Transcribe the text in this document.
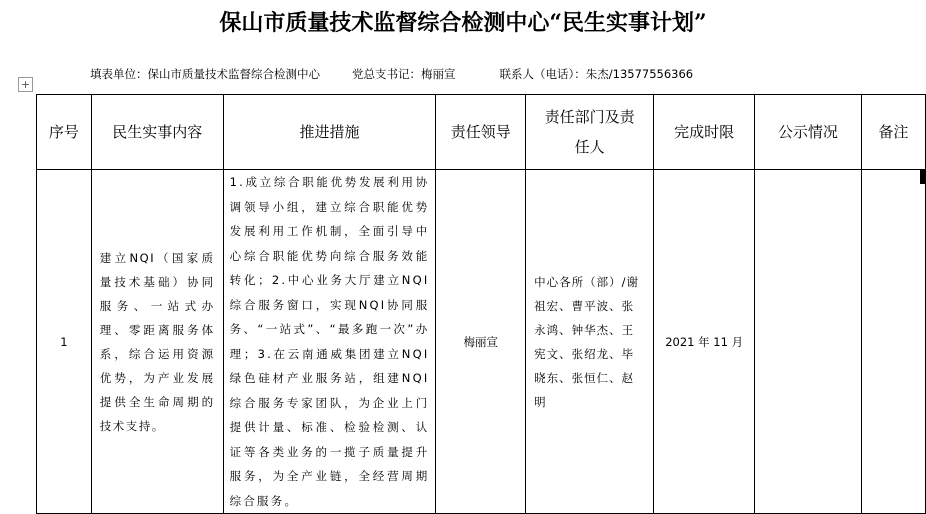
保山市质量技术监督综合检测中心“民生实事计划”
+
填表单位：保山市质量技术监督综合检测中心	党总支书记：梅丽宣	联系人（电话）：朱杰/13577556366
序号	民生实事内容	推进措施	责任领导	责任部门及责任人	完成时限	公示情况	备注
1	建立NQI（国家质量技术基础）协同服务、一站式办理、零距离服务体系，综合运用资源优势，为产业发展提供全生命周期的技术支持。	1.成立综合职能优势发展利用协调领导小组，建立综合职能优势发展利用工作机制，全面引导中心综合职能优势向综合服务效能转化；2.中心业务大厅建立NQI综合服务窗口，实现NQI协同服务、“一站式”、“最多跑一次”办理；3.在云南通威集团建立NQI绿色硅材产业服务站，组建NQI综合服务专家团队，为企业上门提供计量、标准、检验检测、认证等各类业务的一揽子质量提升服务，为全产业链，全经营周期综合服务。	梅丽宣	中心各所（部）/谢祖宏、曹平波、张永鸿、钟华杰、王宪文、张绍龙、毕晓东、张恒仁、赵明	2021 年 11 月		
